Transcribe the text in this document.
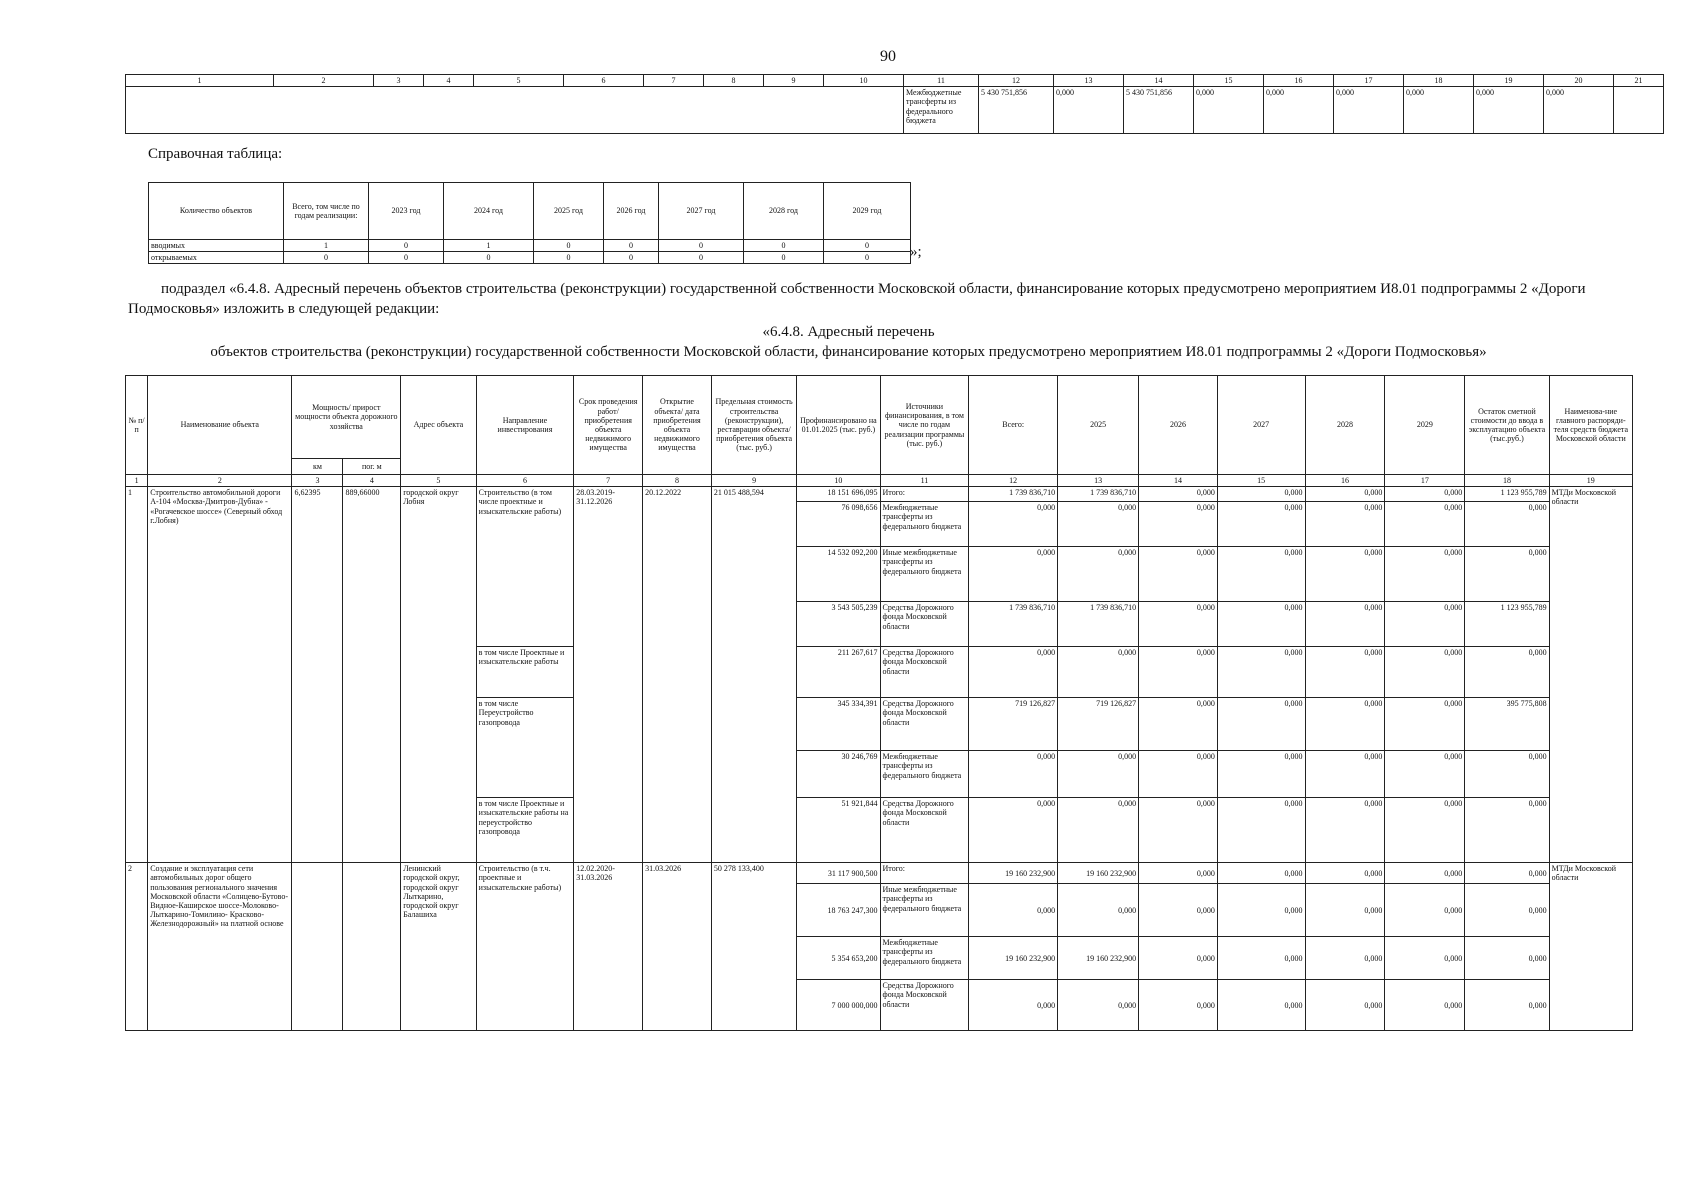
90
1	2	3	4	5	6	7	8	9	10	11	12	13	14	15	16	17	18	19	20	21
										Межбюджетные трансферты из федерального бюджета	5 430 751,856	0,000	5 430 751,856	0,000	0,000	0,000	0,000	0,000	0,000	
Справочная таблица:
Количество объектов	Всего, том числе по годам реализации:	2023 год	2024 год	2025 год	2026 год	2027 год	2028 год	2029 год
вводимых	1	0	1	0	0	0	0	0
открываемых	0	0	0	0	0	0	0	0	»;
подраздел «6.4.8. Адресный перечень объектов строительства (реконструкции) государственной собственности Московской области, финансирование которых предусмотрено мероприятием И8.01 подпрограммы 2 «Дороги Подмосковья» изложить в следующей редакции:
«6.4.8. Адресный перечень
объектов строительства (реконструкции) государственной собственности Московской области, финансирование которых предусмотрено мероприятием И8.01 подпрограммы 2 «Дороги Подмосковья»
№ п/п	Наименование объекта	Мощность/ прирост мощности объекта дорожного хозяйства		Адрес объекта	Направление инвестирования	Срок проведения работ/ приобретения объекта недвижимого имущества	Открытие объекта/ дата приобретения объекта недвижимого имущества	Предельная стоимость строительства (реконструкции), реставрации объекта/ приобретения объекта (тыс. руб.)	Профинансировано на 01.01.2025 (тыс. руб.)	Источники финансирования, в том числе по годам реализации программы (тыс. руб.)	Всего:	2025	2026	2027	2028	2029	Остаток сметной стоимости до ввода в эксплуатацию объекта (тыс.руб.)	Наименова-ние главного распоряди-теля средств бюджета Московской области
		км	пог. м															
1	2	3	4	5	6	7	8	9	10	11	12	13	14	15	16	17	18	19
1	Строительство автомобильной дороги А-104 «Москва-Дмитров-Дубна» - «Рогачевское шоссе» (Северный обход г.Лобня)	6,62395	889,66000	городской округ Лобня	Строительство (в том числе проектные и изыскательские работы)	28.03.2019-31.12.2026	20.12.2022	21 015 488,594	18 151 696,095	Итого:	1 739 836,710	1 739 836,710	0,000	0,000	0,000	0,000	1 123 955,789	МТДи Московской области
									76 098,656	Межбюджетные трансферты из федерального бюджета	0,000	0,000	0,000	0,000	0,000	0,000	0,000	
									14 532 092,200	Иные межбюджетные трансферты из федерального бюджета	0,000	0,000	0,000	0,000	0,000	0,000	0,000	
									3 543 505,239	Средства Дорожного фонда Московской области	1 739 836,710	1 739 836,710	0,000	0,000	0,000	0,000	1 123 955,789	
					в том числе Проектные и изыскательские работы				211 267,617	Средства Дорожного фонда Московской области	0,000	0,000	0,000	0,000	0,000	0,000	0,000	
					в том числе Переустройство газопровода				345 334,391	Средства Дорожного фонда Московской области	719 126,827	719 126,827	0,000	0,000	0,000	0,000	395 775,808	
									30 246,769	Межбюджетные трансферты из федерального бюджета	0,000	0,000	0,000	0,000	0,000	0,000	0,000	
					в том числе Проектные и изыскательские работы на переустройство газопровода				51 921,844	Средства Дорожного фонда Московской области	0,000	0,000	0,000	0,000	0,000	0,000	0,000	
2	Создание и эксплуатация сети автомобильных дорог общего пользования регионального значения Московской области «Солнцево-Бутово-Видное-Каширское шоссе-Молоково-Лыткарино-Томилино- Красково-Железнодорожный» на платной основе			Ленинский городской округ, городской округ Лыткарино, городской округ Балашиха	Строительство (в т.ч. проектные и изыскательские работы)	12.02.2020-31.03.2026	31.03.2026	50 278 133,400	31 117 900,500	Итого:	19 160 232,900	19 160 232,900	0,000	0,000	0,000	0,000	0,000	МТДи Московской области
									18 763 247,300	Иные межбюджетные трансферты из федерального бюджета	0,000	0,000	0,000	0,000	0,000	0,000	0,000	
									5 354 653,200	Межбюджетные трансферты из федерального бюджета	19 160 232,900	19 160 232,900	0,000	0,000	0,000	0,000	0,000	
									7 000 000,000	Средства Дорожного фонда Московской области	0,000	0,000	0,000	0,000	0,000	0,000	0,000	
